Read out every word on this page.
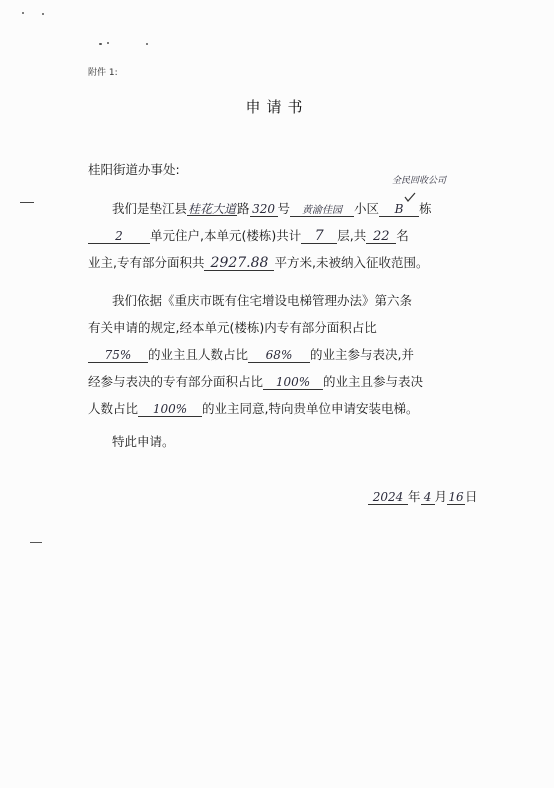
附件 1:
申请书
桂阳街道办事处:
全民回收公司
我们是垫江县桂花大道路 320 号 黄渝佳园 小区 B 栋
2 单元住户,本单元(楼栋)共计 7 层,共 22 名
业主,专有部分面积共 2927.88 平方米,未被纳入征收范围。
我们依据《重庆市既有住宅增设电梯管理办法》第六条
有关申请的规定,经本单元(楼栋)内专有部分面积占比
75% 的业主且人数占比 68% 的业主参与表决,并
经参与表决的专有部分面积占比 100% 的业主且参与表决
人数占比 100% 的业主同意,特向贵单位申请安装电梯。
特此申请。
2024 年 4 月16日
